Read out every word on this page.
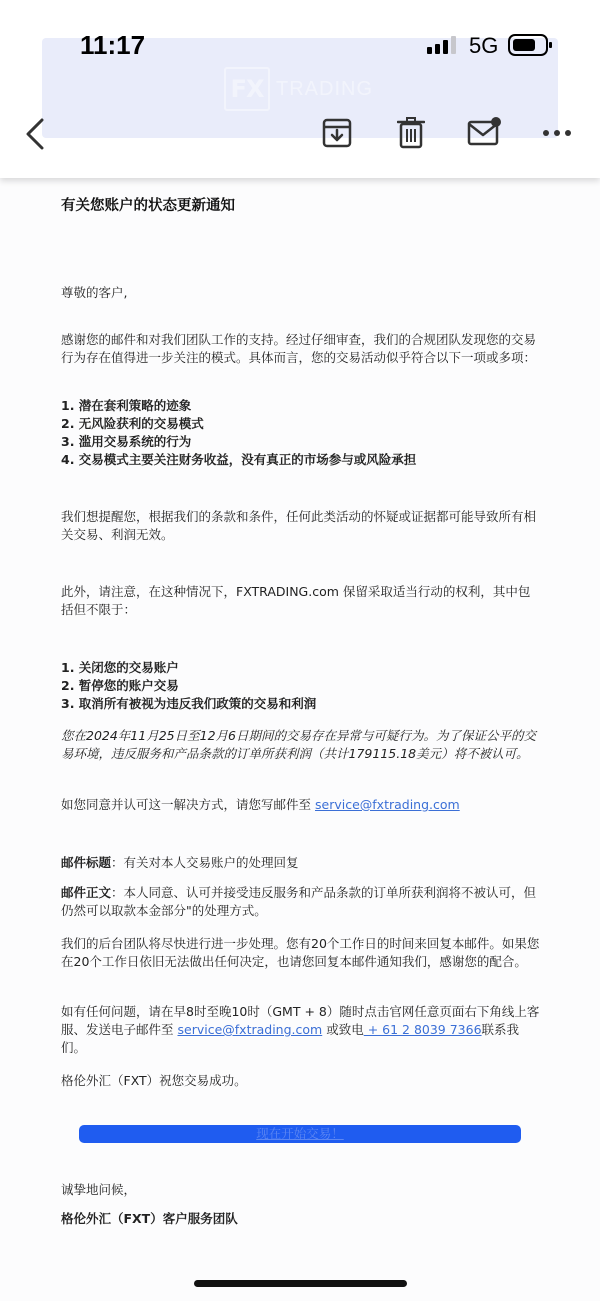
FX TRADING
11:17	5G

有关您账户的状态更新通知

尊敬的客户,

感谢您的邮件和对我们团队工作的支持。经过仔细审查，我们的合规团队发现您的交易行为存在值得进一步关注的模式。具体而言，您的交易活动似乎符合以下一项或多项：

1. 潜在套利策略的迹象
2. 无风险获利的交易模式
3. 滥用交易系统的行为
4. 交易模式主要关注财务收益，没有真正的市场参与或风险承担

我们想提醒您，根据我们的条款和条件，任何此类活动的怀疑或证据都可能导致所有相关交易、利润无效。

此外，请注意，在这种情况下，FXTRADING.com 保留采取适当行动的权利，其中包括但不限于：

1. 关闭您的交易账户
2. 暂停您的账户交易
3. 取消所有被视为违反我们政策的交易和利润

您在2024年11月25日至12月6日期间的交易存在异常与可疑行为。为了保证公平的交易环境，违反服务和产品条款的订单所获利润（共计179115.18美元）将不被认可。

如您同意并认可这一解决方式，请您写邮件至 service@fxtrading.com

邮件标题：有关对本人交易账户的处理回复

邮件正文：本人同意、认可并接受违反服务和产品条款的订单所获利润将不被认可，但仍然可以取款本金部分"的处理方式。

我们的后台团队将尽快进行进一步处理。您有20个工作日的时间来回复本邮件。如果您在20个工作日依旧无法做出任何决定，也请您回复本邮件通知我们，感谢您的配合。

如有任何问题，请在早8时至晚10时（GMT + 8）随时点击官网任意页面右下角线上客服、发送电子邮件至 service@fxtrading.com 或致电 + 61 2 8039 7366联系我们。

格伦外汇（FXT）祝您交易成功。

现在开始交易！

诚挚地问候，

格伦外汇（FXT）客户服务团队
